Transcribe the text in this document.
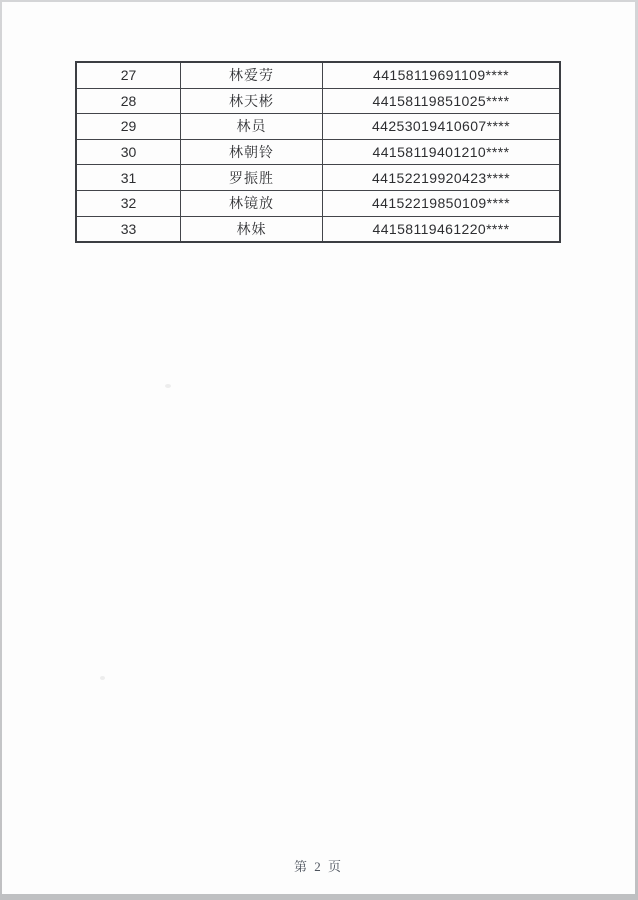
27	林爱劳	44158119691109****
28	林天彬	44158119851025****
29	林员	44253019410607****
30	林朝铃	44158119401210****
31	罗振胜	44152219920423****
32	林镜放	44152219850109****
33	林妹	44158119461220****
第 2 页
